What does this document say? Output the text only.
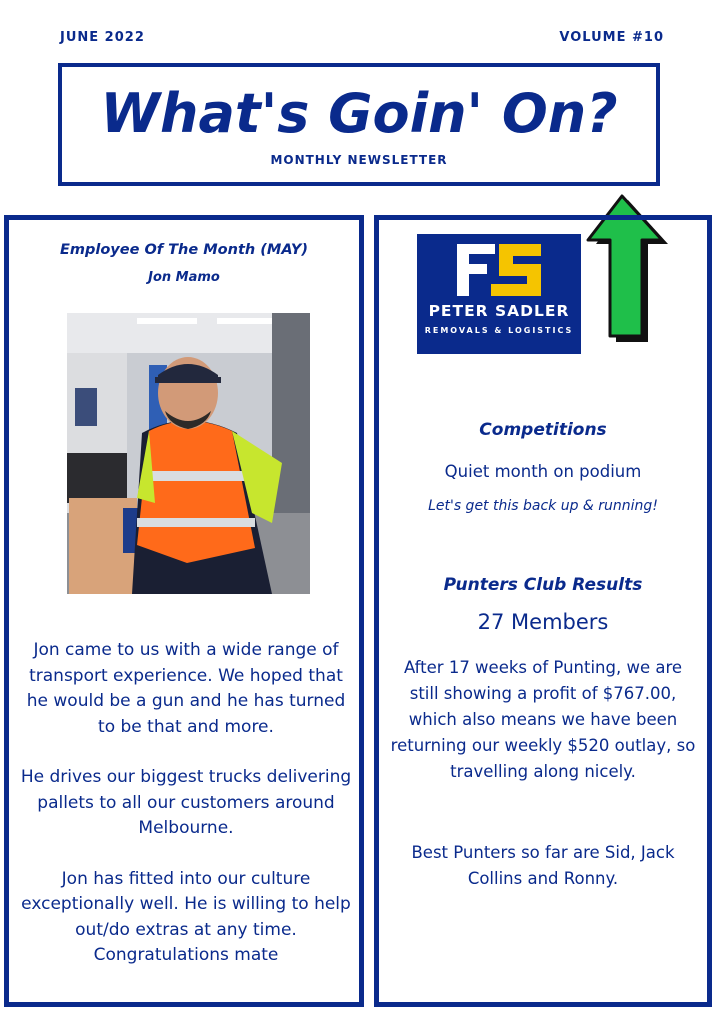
JUNE 2022	VOLUME #10
What's Goin' On?
MONTHLY NEWSLETTER
Employee Of The Month (MAY)
Jon Mamo

Jon came to us with a wide range of transport experience. We hoped that he would be a gun and he has turned to be that and more.

He drives our biggest trucks delivering pallets to all our customers around Melbourne.

Jon has fitted into our culture exceptionally well. He is willing to help out/do extras at any time. Congratulations mate

PETER SADLER
REMOVALS & LOGISTICS
Competitions
Quiet month on podium
Let's get this back up & running!
Punters Club Results
27 Members

After 17 weeks of Punting, we are still showing a profit of $767.00, which also means we have been returning our weekly $520 outlay, so travelling along nicely.

Best Punters so far are Sid, Jack Collins and Ronny.
